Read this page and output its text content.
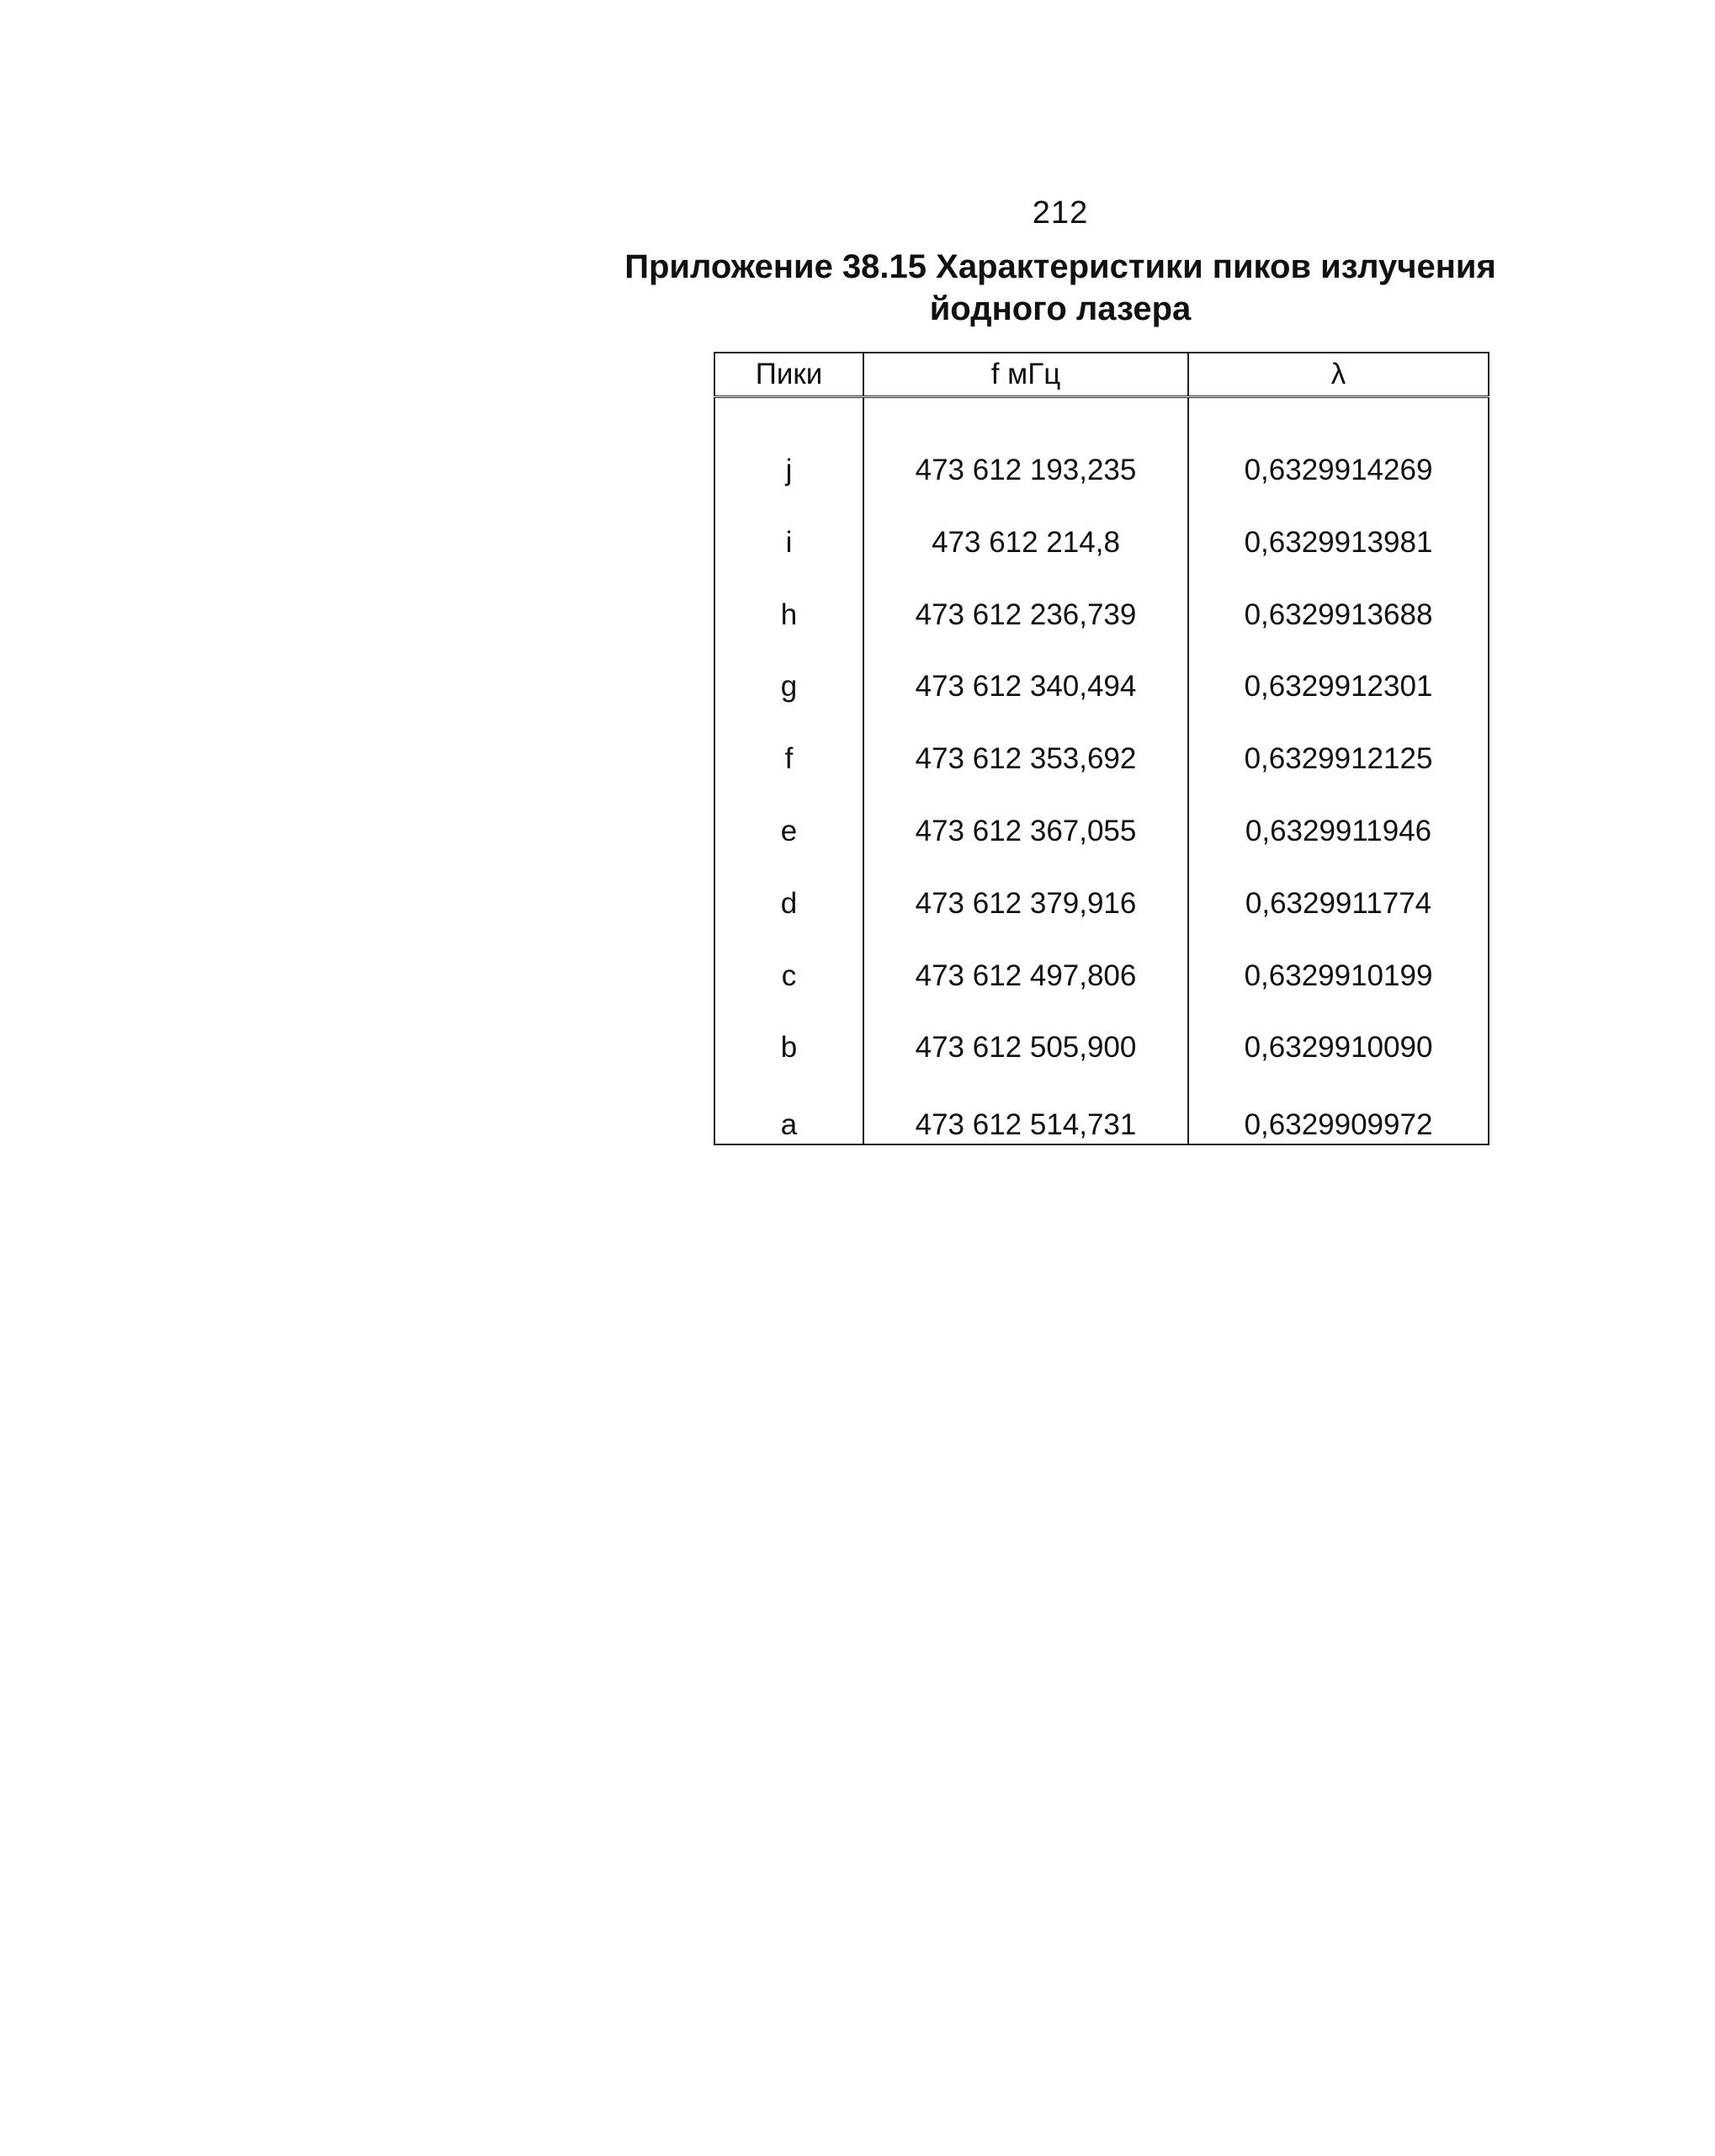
212
Приложение 38.15 Характеристики пиков излучения
йодного лазера
Пики	f мГц	λ
j	473 612 193,235	0,6329914269
i	473 612 214,8	0,6329913981
h	473 612 236,739	0,6329913688
g	473 612 340,494	0,6329912301
f	473 612 353,692	0,6329912125
e	473 612 367,055	0,6329911946
d	473 612 379,916	0,6329911774
c	473 612 497,806	0,6329910199
b	473 612 505,900	0,6329910090
a	473 612 514,731	0,6329909972
